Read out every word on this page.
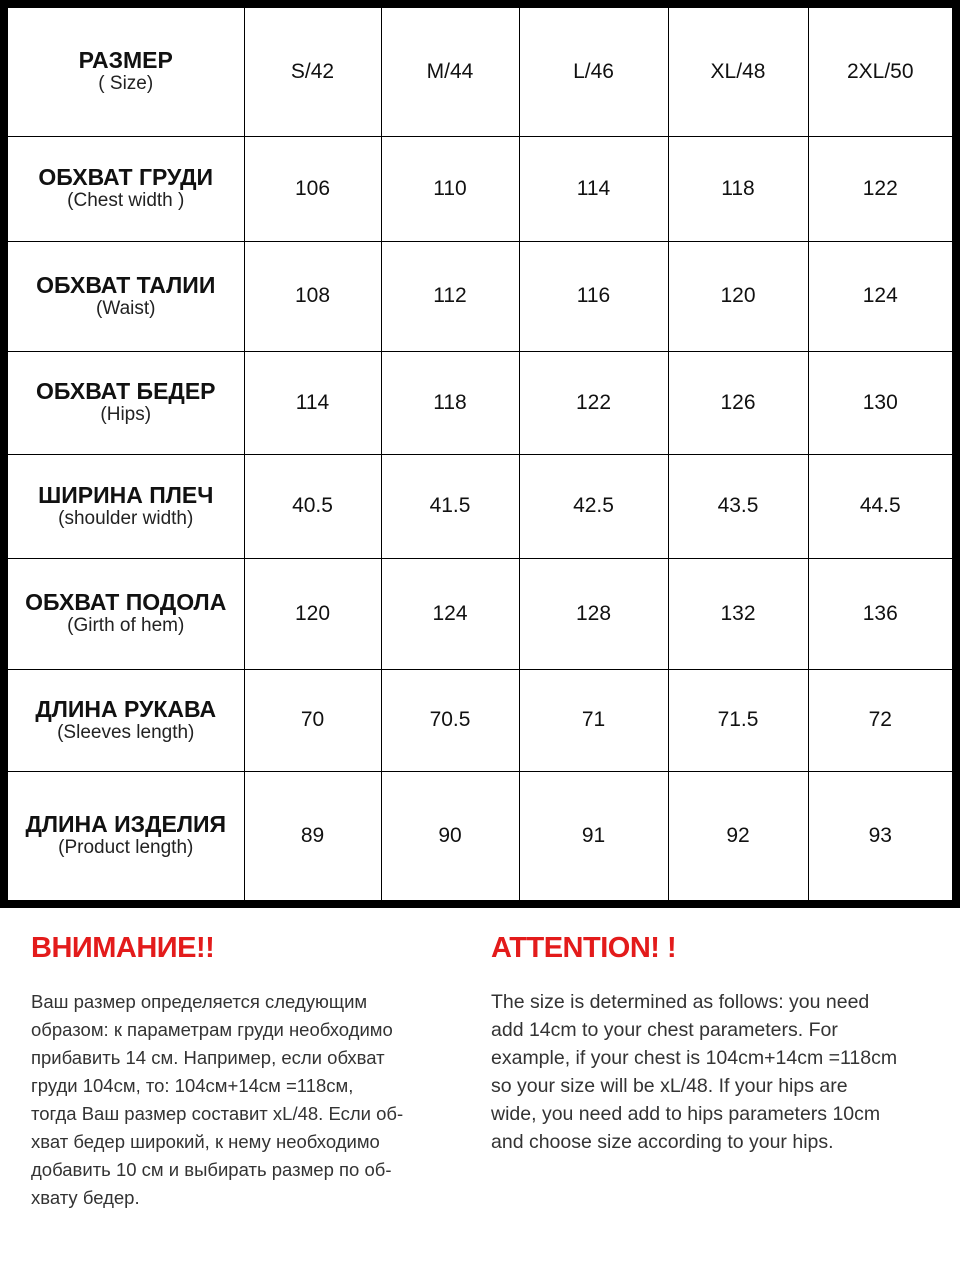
РАЗМЕР
( Size)	S/42	M/44	L/46	XL/48	2XL/50

ОБХВАТ ГРУДИ
(Chest width )	106	110	114	118	122

ОБХВАТ ТАЛИИ
(Waist)	108	112	116	120	124

ОБХВАТ БЕДЕР
(Hips)	114	118	122	126	130

ШИРИНА ПЛЕЧ
(shoulder width)	40.5	41.5	42.5	43.5	44.5

ОБХВАТ ПОДОЛА
(Girth of hem)	120	124	128	132	136

ДЛИНА РУКАВА
(Sleeves length)	70	70.5	71	71.5	72

ДЛИНА ИЗДЕЛИЯ
(Product length)	89	90	91	92	93
ВНИМАНИЕ!!
Ваш размер определяется следующим
образом: к параметрам груди необходимо
прибавить 14 см. Например, если обхват
груди 104см, то: 104см+14см =118см,
тогда Ваш размер составит xL/48. Если об-
хват бедер широкий, к нему необходимо
добавить 10 см и выбирать размер по об-
хвату бедер.
ATTENTION! !
The size is determined as follows: you need
add 14cm to your chest parameters. For
example, if your chest is 104cm+14cm =118cm
so your size will be xL/48. If your hips are
wide, you need add to hips parameters 10cm
and choose size according to your hips.
